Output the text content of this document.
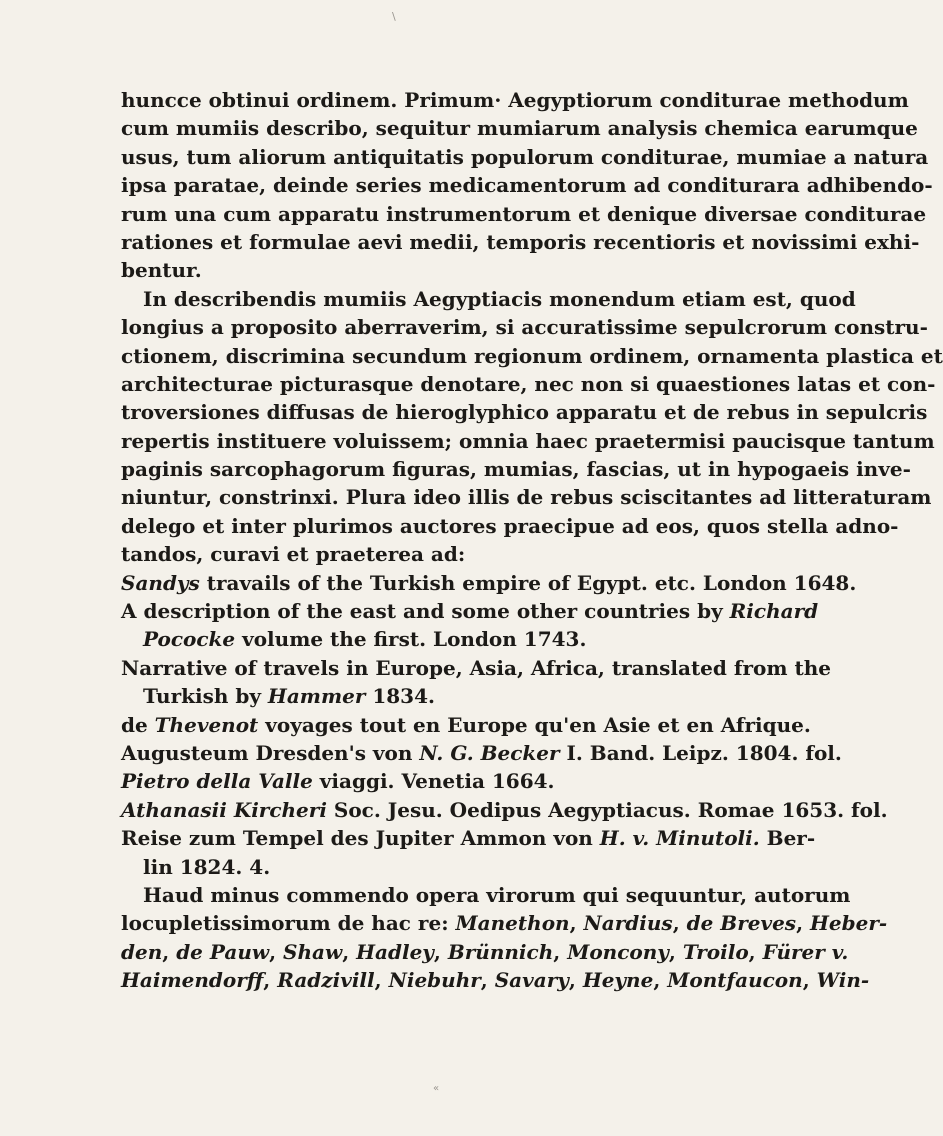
\
huncce obtinui ordinem. Primum· Aegyptiorum conditurae methodum
cum mumiis describo, sequitur mumiarum analysis chemica earumque
usus, tum aliorum antiquitatis populorum conditurae, mumiae a natura
ipsa paratae, deinde series medicamentorum ad conditurara adhibendo-
rum una cum apparatu instrumentorum et denique diversae conditurae
rationes et formulae aevi medii, temporis recentioris et novissimi exhi-
bentur.
In describendis mumiis Aegyptiacis monendum etiam est, quod
longius a proposito aberraverim, si accuratissime sepulcrorum constru-
ctionem, discrimina secundum regionum ordinem, ornamenta plastica et
architecturae picturasque denotare, nec non si quaestiones latas et con-
troversiones diffusas de hieroglyphico apparatu et de rebus in sepulcris
repertis instituere voluissem; omnia haec praetermisi paucisque tantum
paginis sarcophagorum figuras, mumias, fascias, ut in hypogaeis inve-
niuntur, constrinxi. Plura ideo illis de rebus sciscitantes ad litteraturam
delego et inter plurimos auctores praecipue ad eos, quos stella adno-
tandos, curavi et praeterea ad:
Sandys travails of the Turkish empire of Egypt. etc. London 1648.
A description of the east and some other countries by Richard
Pococke volume the first. London 1743.
Narrative of travels in Europe, Asia, Africa, translated from the
Turkish by Hammer 1834.
de Thevenot voyages tout en Europe qu'en Asie et en Afrique.
Augusteum Dresden's von N. G. Becker I. Band. Leipz. 1804. fol.
Pietro della Valle viaggi. Venetia 1664.
Athanasii Kircheri Soc. Jesu. Oedipus Aegyptiacus. Romae 1653. fol.
Reise zum Tempel des Jupiter Ammon von H. v. Minutoli. Ber-
lin 1824. 4.
Haud minus commendo opera virorum qui sequuntur, autorum
locupletissimorum de hac re: Manethon, Nardius, de Breves, Heber-
den, de Pauw, Shaw, Hadley, Brünnich, Moncony, Troilo, Fürer v.
Haimendorff, Radzivill, Niebuhr, Savary, Heyne, Montfaucon, Win-
«
